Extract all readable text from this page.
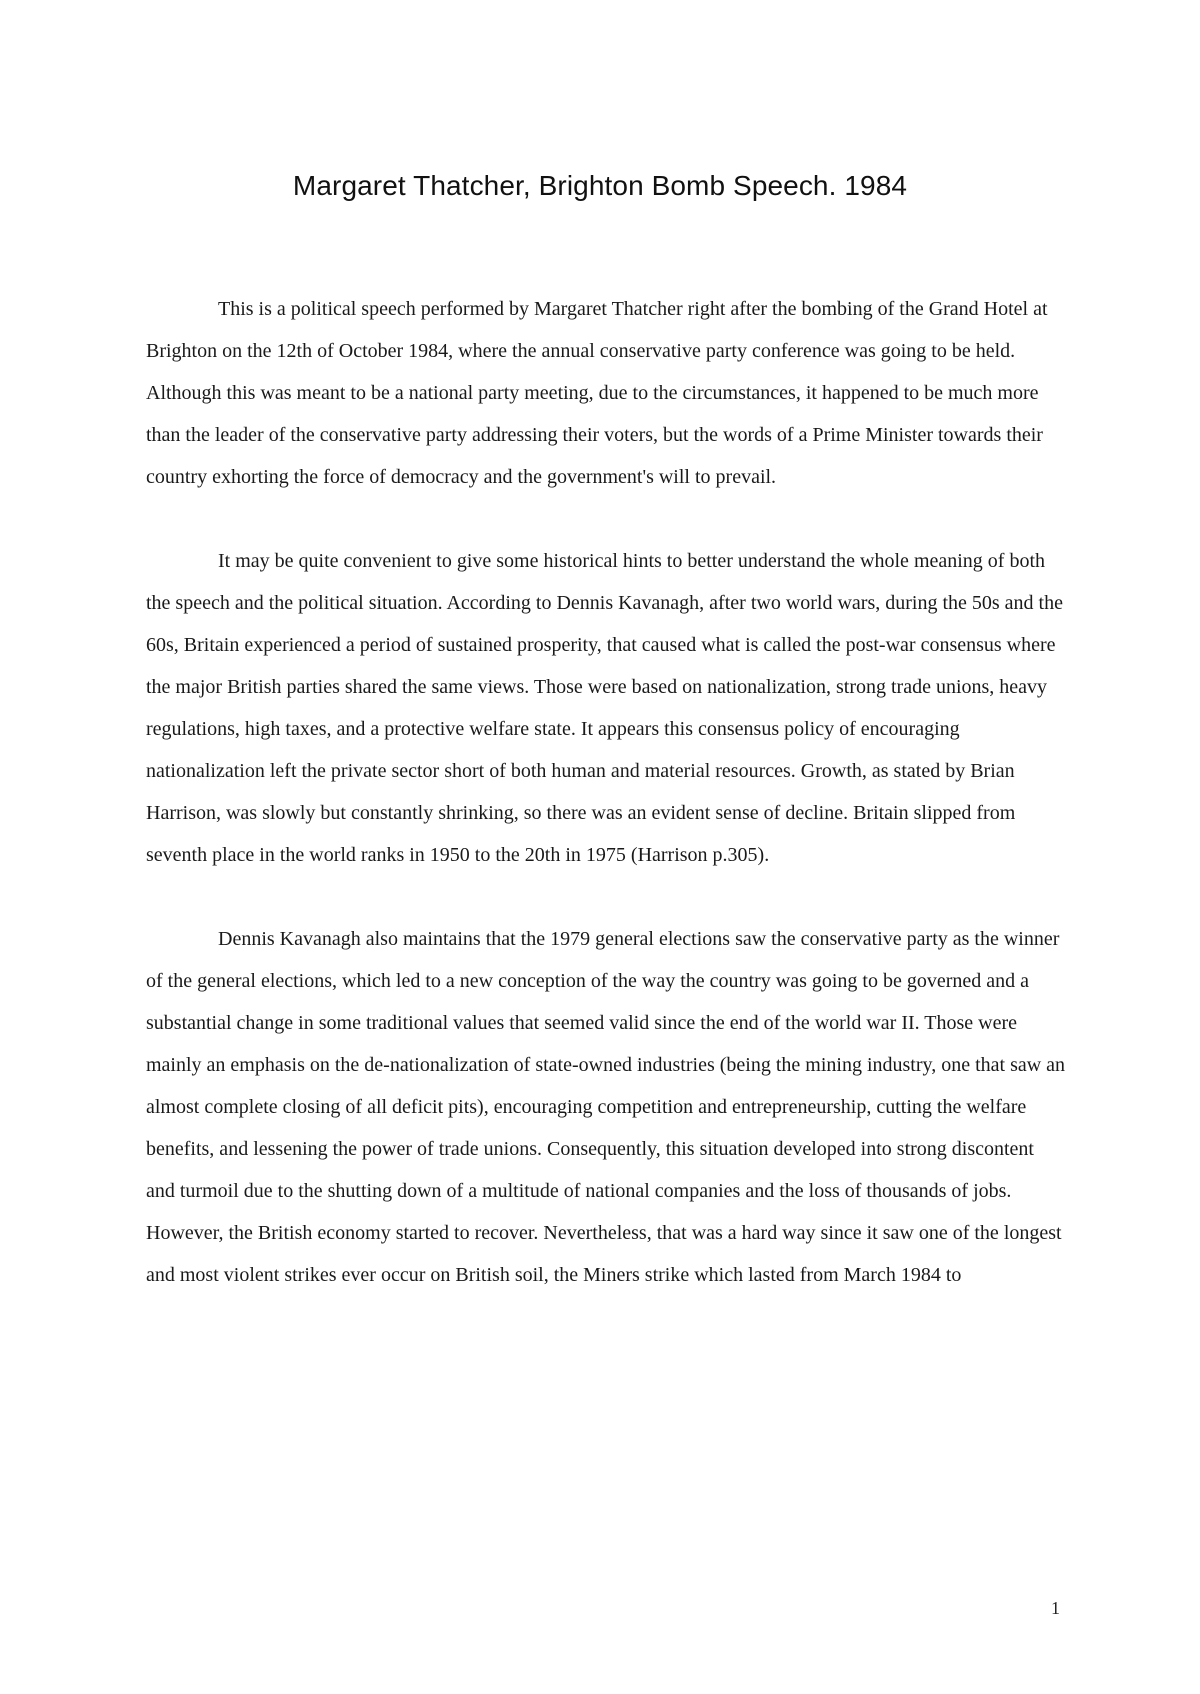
Margaret Thatcher, Brighton Bomb Speech. 1984

This is a political speech performed by Margaret Thatcher right after the bombing of the Grand Hotel at Brighton on the 12th of October 1984, where the annual conservative party conference was going to be held. Although this was meant to be a national party meeting, due to the circumstances, it happened to be much more than the leader of the conservative party addressing their voters, but the words of a Prime Minister towards their country exhorting the force of democracy and the government's will to prevail.

It may be quite convenient to give some historical hints to better understand the whole meaning of both the speech and the political situation. According to Dennis Kavanagh, after two world wars, during the 50s and the 60s, Britain experienced a period of sustained prosperity, that caused what is called the post-war consensus where the major British parties shared the same views. Those were based on nationalization, strong trade unions, heavy regulations, high taxes, and a protective welfare state. It appears this consensus policy of encouraging nationalization left the private sector short of both human and material resources. Growth, as stated by Brian Harrison, was slowly but constantly shrinking, so there was an evident sense of decline. Britain slipped from seventh place in the world ranks in 1950 to the 20th in 1975 (Harrison p.305).

Dennis Kavanagh also maintains that the 1979 general elections saw the conservative party as the winner of the general elections, which led to a new conception of the way the country was going to be governed and a substantial change in some traditional values that seemed valid since the end of the world war II. Those were mainly an emphasis on the de-nationalization of state-owned industries (being the mining industry, one that saw an almost complete closing of all deficit pits), encouraging competition and entrepreneurship, cutting the welfare benefits, and lessening the power of trade unions. Consequently, this situation developed into strong discontent and turmoil due to the shutting down of a multitude of national companies and the loss of thousands of jobs. However, the British economy started to recover. Nevertheless, that was a hard way since it saw one of the longest and most violent strikes ever occur on British soil, the Miners strike which lasted from March 1984 to

1
